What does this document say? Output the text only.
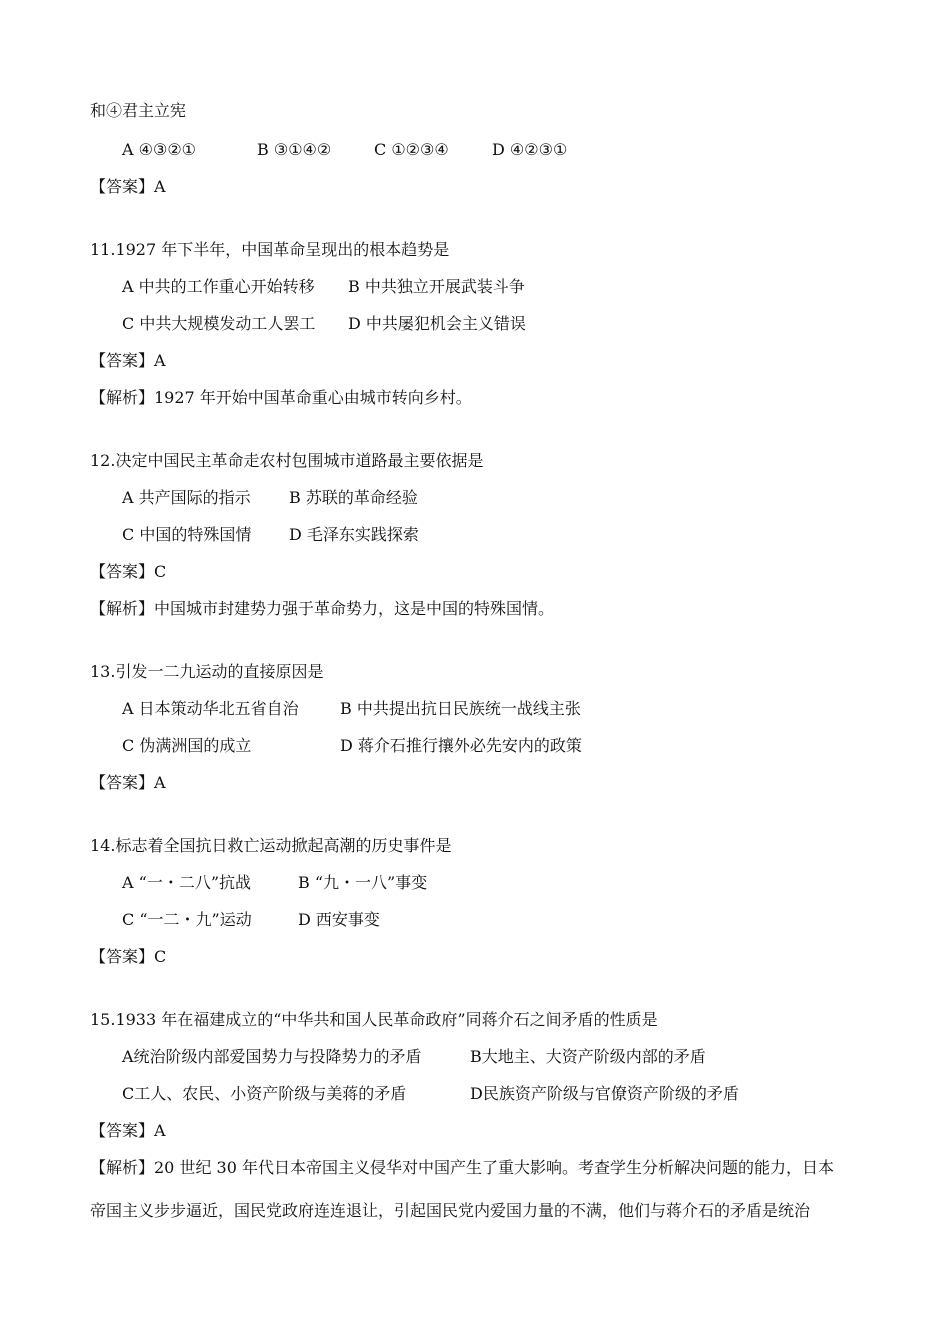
和④君主立宪

A ④③②①

	B ③①④②

	C ①②③④

	D ④②③①

【答案】A
11.1927 年下半年，中国革命呈现出的根本趋势是

A 中共的工作重心开始转移

B 中共独立开展武装斗争

C 中共大规模发动工人罢工

D 中共屡犯机会主义错误

【答案】A
【解析】1927 年开始中国革命重心由城市转向乡村。
12.决定中国民主革命走农村包围城市道路最主要依据是

A 共产国际的指示

B 苏联的革命经验

C 中国的特殊国情

D 毛泽东实践探索

【答案】C
【解析】中国城市封建势力强于革命势力，这是中国的特殊国情。
13.引发一二九运动的直接原因是

A 日本策动华北五省自治

	B 中共提出抗日民族统一战线主张

C 伪满洲国的成立

	D 蒋介石推行攘外必先安内的政策

【答案】A
14.标志着全国抗日救亡运动掀起高潮的历史事件是

A “一・二八”抗战

	B “九・一八”事变

C “一二・九”运动

	D 西安事变

【答案】C
15.1933 年在福建成立的“中华共和国人民革命政府”同蒋介石之间矛盾的性质是

A统治阶级内部爱国势力与投降势力的矛盾

	B大地主、大资产阶级内部的矛盾

C工人、农民、小资产阶级与美蒋的矛盾

	D民族资产阶级与官僚资产阶级的矛盾

【答案】A
【解析】20 世纪 30 年代日本帝国主义侵华对中国产生了重大影响。考查学生分析解决问题的能力，日本
帝国主义步步逼近，国民党政府连连退让，引起国民党内爱国力量的不满，他们与蒋介石的矛盾是统治
